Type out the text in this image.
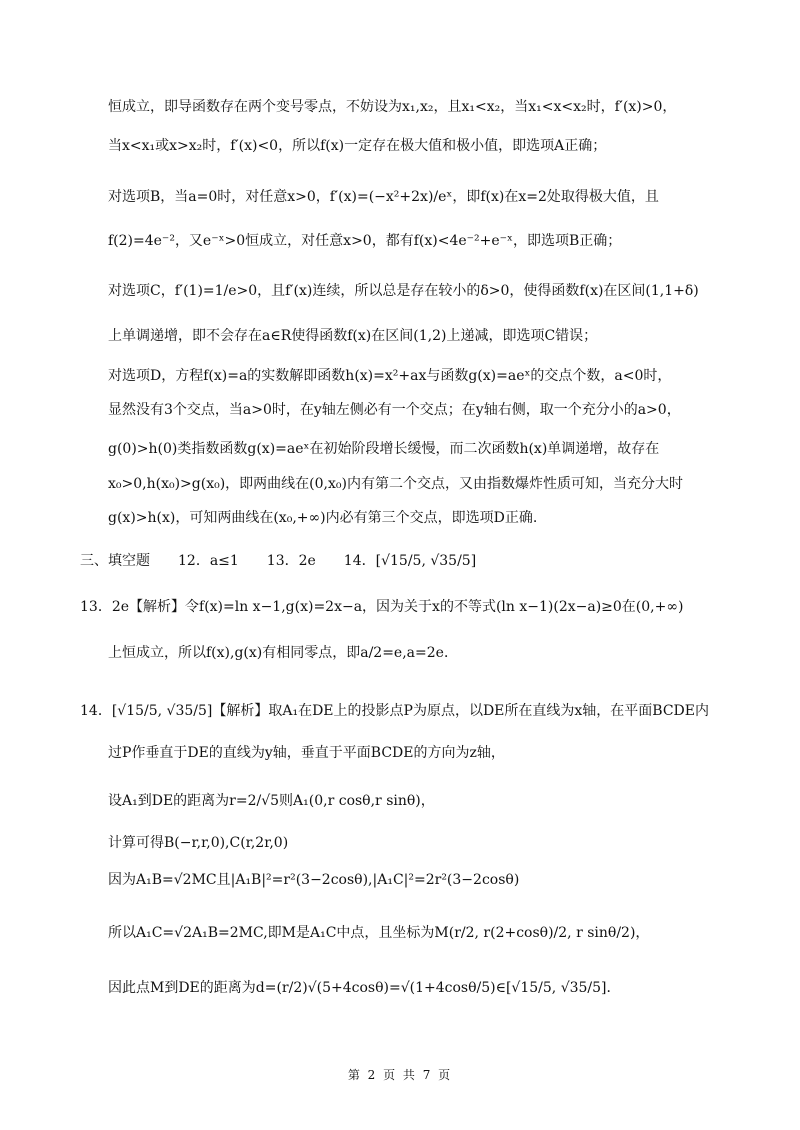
恒成立，即导函数存在两个变号零点，不妨设为x₁,x₂，且x₁<x₂，当x₁<x<x₂时，f′(x)>0，
当x<x₁或x>x₂时，f′(x)<0，所以f(x)一定存在极大值和极小值，即选项A正确；
对选项B，当a=0时，对任意x>0，f′(x)=(−x²+2x)/eˣ，即f(x)在x=2处取得极大值，且
f(2)=4e⁻²，又e⁻ˣ>0恒成立，对任意x>0，都有f(x)<4e⁻²+e⁻ˣ，即选项B正确；
对选项C，f′(1)=1/e>0，且f′(x)连续，所以总是存在较小的δ>0，使得函数f(x)在区间(1,1+δ)
上单调递增，即不会存在a∈R使得函数f(x)在区间(1,2)上递减，即选项C错误；
对选项D，方程f(x)=a的实数解即函数h(x)=x²+ax与函数g(x)=aeˣ的交点个数，a<0时，
显然没有3个交点，当a>0时，在y轴左侧必有一个交点；在y轴右侧，取一个充分小的a>0，
g(0)>h(0)类指数函数g(x)=aeˣ在初始阶段增长缓慢，而二次函数h(x)单调递增，故存在
x₀>0,h(x₀)>g(x₀)，即两曲线在(0,x₀)内有第二个交点，又由指数爆炸性质可知，当充分大时
g(x)>h(x)，可知两曲线在(x₀,+∞)内必有第三个交点，即选项D正确.
三、填空题　　12．a≤1　　13．2e　　14．[√15/5, √35/5]
13．2e【解析】令f(x)=ln x−1,g(x)=2x−a，因为关于x的不等式(ln x−1)(2x−a)≥0在(0,+∞)
上恒成立，所以f(x),g(x)有相同零点，即a/2=e,a=2e．
14．[√15/5, √35/5]【解析】取A₁在DE上的投影点P为原点，以DE所在直线为x轴，在平面BCDE内
过P作垂直于DE的直线为y轴，垂直于平面BCDE的方向为z轴，
设A₁到DE的距离为r=2/√5则A₁(0,r cosθ,r sinθ)，
计算可得B(−r,r,0),C(r,2r,0)
因为A₁B=√2MC且|A₁B|²=r²(3−2cosθ),|A₁C|²=2r²(3−2cosθ)
所以A₁C=√2A₁B=2MC,即M是A₁C中点，且坐标为M(r/2, r(2+cosθ)/2, r sinθ/2)，
因此点M到DE的距离为d=(r/2)√(5+4cosθ)=√(1+4cosθ/5)∈[√15/5, √35/5]．
第 2 页 共 7 页
